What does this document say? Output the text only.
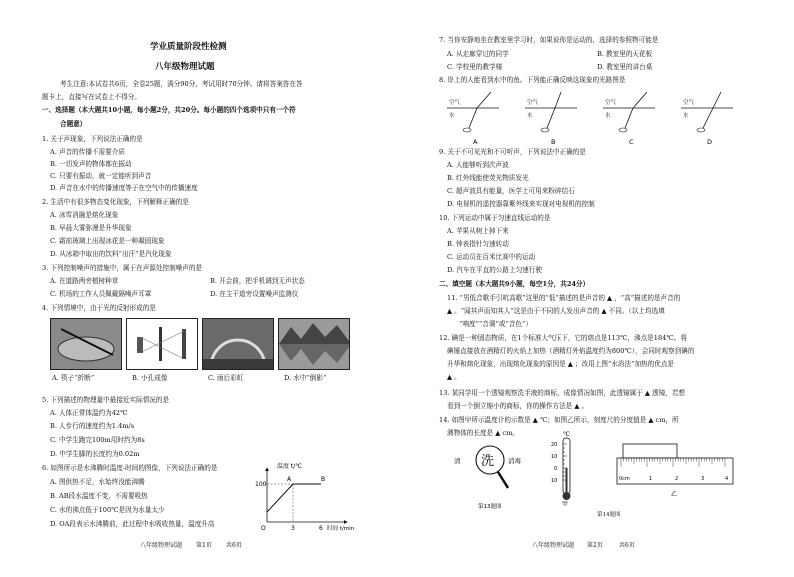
学业质量阶段性检测
八年级物理试题
考生注意:本试卷共6页，全卷25题，满分90分，考试用时70分钟。请将答案答在答
题卡上，直接写在试卷上不得分。
一、选择题（本大题共10小题，每小题2分，共20分。每小题的四个选项中只有一个符
合题意）
1. 关于声现象，下列说法正确的是
A. 声音的传播不需要介质
B. 一切发声的物体都在振动
C. 只要有振动，就一定能听到声音
D. 声音在水中的传播速度等于在空气中的传播速度
2. 生活中有很多物态变化现象，下列解释正确的是
A. 冰雪消融是熔化现象
B. 早晨大雾弥漫是升华现象
C. 霜前玻璃上出现冰花是一种凝固现象
D. 从冰箱中取出的饮料“出汗”是汽化现象
3. 下列控制噪声的措施中，属于在声源处控制噪声的是
A. 在道路两旁植树种草	B. 开会前，把手机调到无声状态
C. 机场的工作人员佩戴隔噪声耳罩	D. 在主干道旁设置噪声监测仪
4. 下列情境中，由于光的反射形成的是
A. 筷子“折断”	B. 小孔成像	C. 雨后彩虹	D. 水中“倒影”
5. 下列描述的物理量中最接近实际情况的是
A. 人体正常体温约为42℃
B. 人步行的速度约为1.4m/s
C. 中学生跑完100m用时约为8s
D. 中学生脚的长度约为0.02m
6. 如图所示是水沸腾时温度-时间的图像，下列说法正确的是
A. 图供热不足，水始终没能沸腾
B. AB段水温度不变，不需要吸热
C. 水的沸点低于100℃是因为水量太少
D. OA段表示水沸腾前，此过程中水吸收热量，温度升高
温度 t/℃
100
O	3	6 时间 t/min
A	B
八年级物理试题 第1页 共6页
7. 当你安静地坐在教室里学习时，如果说你是运动的，选择的参照物可能是
A. 从走廊穿过的同学	B. 教室里的天花板
C. 学校里的教学楼	D. 教室里的讲台桌
8. 岸上的人能看到水中的鱼。下列能正确反映这现象的光路图是
空气
水
A
空气
水
B
空气
水
C
空气
水
D
9. 关于不可见光和不可听声，下列说法中正确的是
A. 人能够听到次声波
B. 红外线能使荧光物质发光
C. 超声波具有能量，医学上可用来粉碎结石
D. 电视机的遥控器靠紫外线来实现对电视机的控制
10. 下列运动中属于匀速直线运动的是
A. 苹果从树上掉下来
B. 钟表指针匀速转动
C. 运动员在百米比赛中的运动
D. 汽车在平直的公路上匀速行驶
二、填空题（本大题共9小题，每空1分，共24分）
11. “男低音歌手引吭高歌”这里的“低”描述的是声音的 ▲ ，“高”描述的是声音的
▲ 。“闻其声而知其人”这是由于不同的人发出声音的 ▲ 不同。（以上均选填
“响度”“音调”或“音色”）
12. 碘是一种固态物质，在1个标准大气压下，它的熔点是113℃，沸点是184℃。将
碘锤直接放在酒精灯的火焰上加热（酒精灯外焰温度约为800℃），会同时观察到碘的
升华和熔化现象，出现熔化现象的原因是 ▲ ；改用上图“水浴法”加热的优点是
▲ 。
13. 某同学用一个透镜观察洗手液的商标，成像情况如图，此透镜属于 ▲ 透镜，若想
看到一个倒立缩小的商标，你的操作方法是 ▲ 。
14. 如图甲所示温度计的示数是 ▲ ℃；如图乙所示，刻度尺的分度值是 ▲ cm，所
测物体的长度是 ▲ cm。
洗
清	消毒
第13题图
℃
20
10
0
10
甲
0cm	1	2	3	4
乙
第14题图
八年级物理试题 第2页	共6页
